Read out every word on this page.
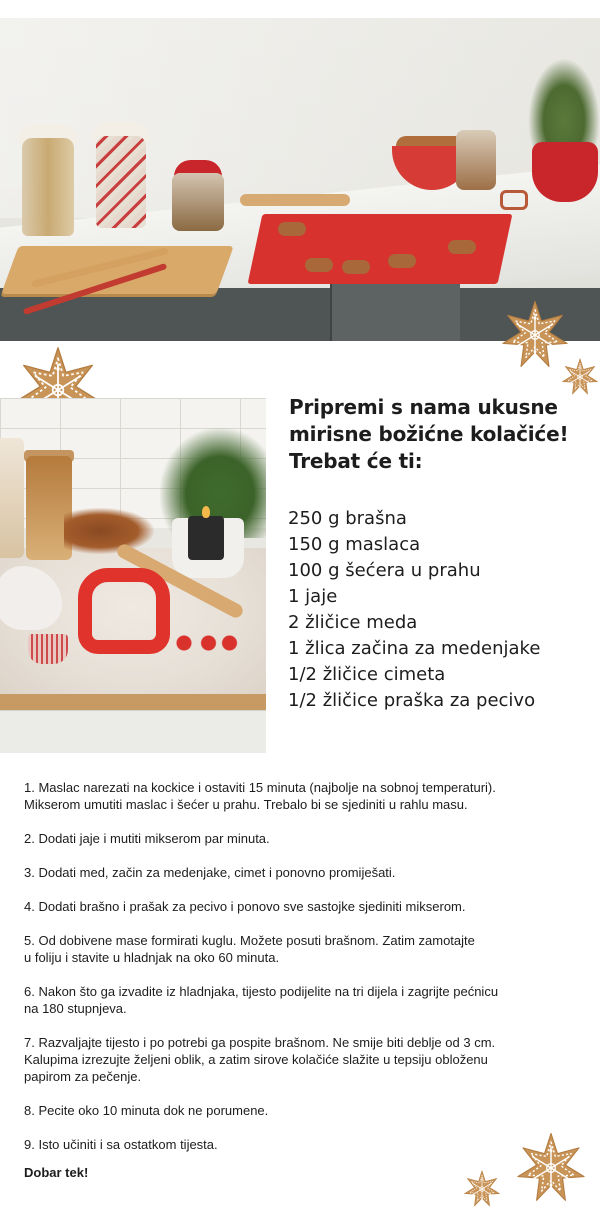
Pripremi s nama ukusne
mirisne božićne kolačiće!
Trebat će ti:
250 g brašna
150 g maslaca
100 g šećera u prahu
1 jaje
2 žličice meda
1 žlica začina za medenjake
1/2 žličice cimeta
1/2 žličice praška za pecivo

1. Maslac narezati na kockice i ostaviti 15 minuta (najbolje na sobnoj temperaturi).
Mikserom umutiti maslac i šećer u prahu. Trebalo bi se sjediniti u rahlu masu.

2. Dodati jaje i mutiti mikserom par minuta.

3. Dodati med, začin za medenjake, cimet i ponovno promiješati.

4. Dodati brašno i prašak za pecivo i ponovo sve sastojke sjediniti mikserom.

5. Od dobivene mase formirati kuglu. Možete posuti brašnom. Zatim zamotajte
u foliju i stavite u hladnjak na oko 60 minuta.

6. Nakon što ga izvadite iz hladnjaka, tijesto podijelite na tri dijela i zagrijte pećnicu
na 180 stupnjeva.

7. Razvaljajte tijesto i po potrebi ga pospite brašnom. Ne smije biti deblje od 3 cm.
Kalupima izrezujte željeni oblik, a zatim sirove kolačiće slažite u tepsiju obloženu
papirom za pečenje.

8. Pecite oko 10 minuta dok ne porumene.

9. Isto učiniti i sa ostatkom tijesta.

Dobar tek!
